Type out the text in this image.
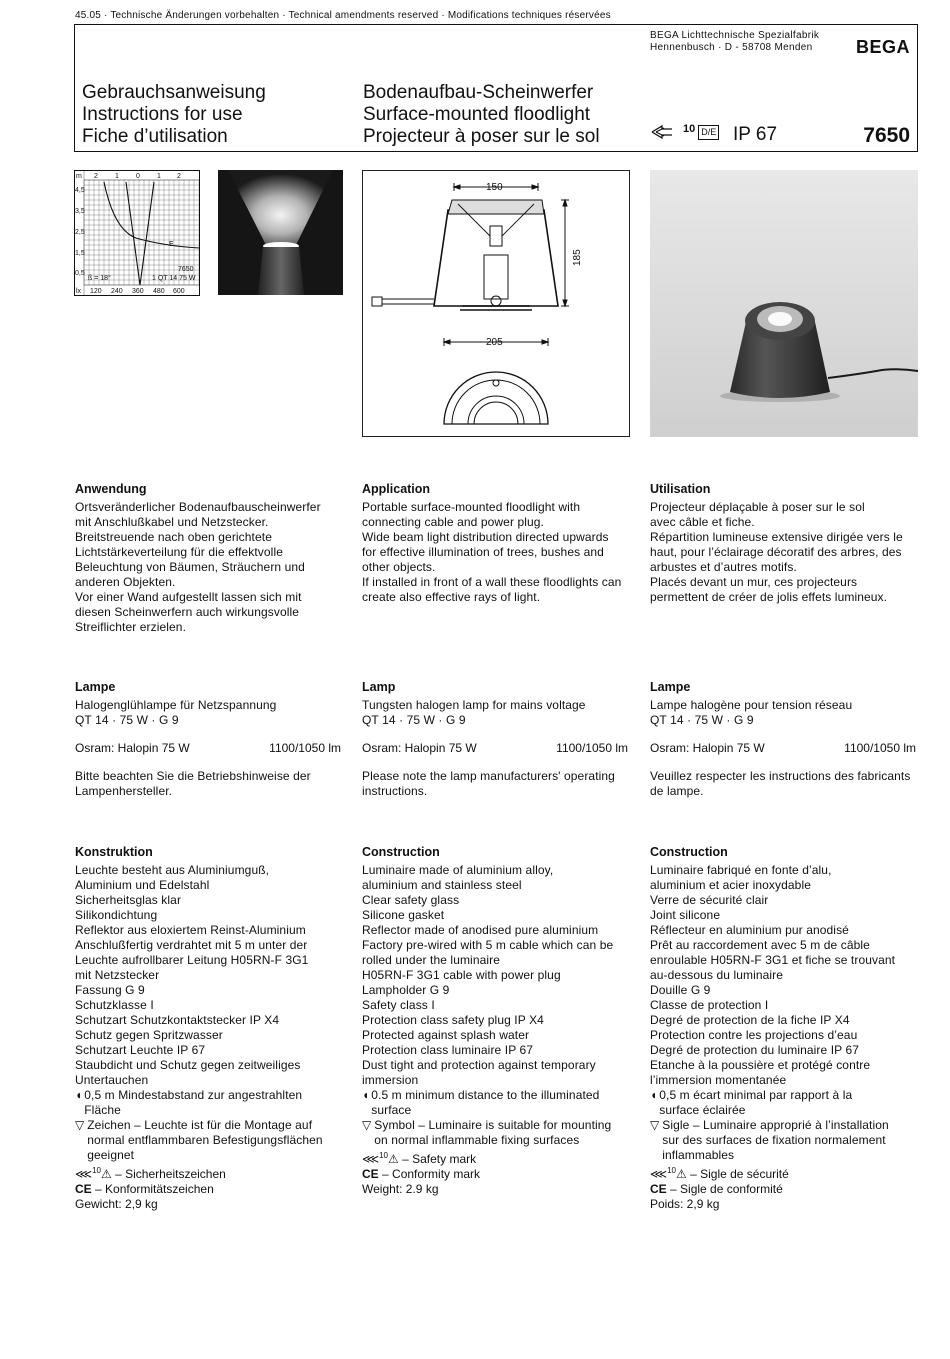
45.05 · Technische Änderungen vorbehalten · Technical amendments reserved · Modifications techniques réservées
BEGA Lichttechnische Spezialfabrik
Hennenbusch · D - 58708 Menden	BEGA
Gebrauchsanweisung
Instructions for use
Fiche d’utilisation
Bodenaufbau-Scheinwerfer
Surface-mounted floodlight
Projecteur à poser sur le sol	10 D/E IP 67	7650
m
lx
2 1 0 1 2
4,5
3,5
2,5
1,5
0,5
120 240 360 480 600
E
7650
ß = 18°	1 QT 14 75 W
150
185
205
Anwendung
Ortsveränderlicher Bodenaufbauscheinwerfer
mit Anschlußkabel und Netzstecker.
Breitstreuende nach oben gerichtete
Lichtstärkeverteilung für die effektvolle
Beleuchtung von Bäumen, Sträuchern und
anderen Objekten.
Vor einer Wand aufgestellt lassen sich mit
diesen Scheinwerfern auch wirkungsvolle
Streiflichter erzielen.
Application
Portable surface-mounted floodlight with
connecting cable and power plug.
Wide beam light distribution directed upwards
for effective illumination of trees, bushes and
other objects.
If installed in front of a wall these floodlights can
create also effective rays of light.
Utilisation
Projecteur déplaçable à poser sur le sol
avec câble et fiche.
Répartition lumineuse extensive dirigée vers le
haut, pour l’éclairage décoratif des arbres, des
arbustes et d’autres motifs.
Placés devant un mur, ces projecteurs
permettent de créer de jolis effets lumineux.
Lampe
Halogenglühlampe für Netzspannung
QT 14 · 75 W · G 9
Osram: Halopin 75 W	1100/1050 lm
Bitte beachten Sie die Betriebshinweise der
Lampenhersteller.
Lamp
Tungsten halogen lamp for mains voltage
QT 14 · 75 W · G 9
Osram: Halopin 75 W	1100/1050 lm
Please note the lamp manufacturers' operating
instructions.
Lampe
Lampe halogène pour tension réseau
QT 14 · 75 W · G 9
Osram: Halopin 75 W	1100/1050 lm
Veuillez respecter les instructions des fabricants
de lampe.
Konstruktion
Leuchte besteht aus Aluminiumguß,
Aluminium und Edelstahl
Sicherheitsglas klar
Silikondichtung
Reflektor aus eloxiertem Reinst-Aluminium
Anschlußfertig verdrahtet mit 5 m unter der
Leuchte aufrollbarer Leitung H05RN-F 3G1
mit Netzstecker
Fassung G 9
Schutzklasse I
Schutzart Schutzkontaktstecker IP X4
Schutz gegen Spritzwasser
Schutzart Leuchte IP 67
Staubdicht und Schutz gegen zeitweiliges
Untertauchen
◖ 0,5 m Mindestabstand zur angestrahlten
Fläche
▽ Zeichen – Leuchte ist für die Montage auf
normal entflammbaren Befestigungsflächen
geeignet
⋘$^{10}$⚠ – Sicherheitszeichen
CE – Konformitätszeichen
Gewicht: 2,9 kg
Construction
Luminaire made of aluminium alloy,
aluminium and stainless steel
Clear safety glass
Silicone gasket
Reflector made of anodised pure aluminium
Factory pre-wired with 5 m cable which can be
rolled under the luminaire
H05RN-F 3G1 cable with power plug
Lampholder G 9
Safety class I
Protection class safety plug IP X4
Protected against splash water
Protection class luminaire IP 67
Dust tight and protection against temporary
immersion
◖ 0.5 m minimum distance to the illuminated
surface
▽ Symbol – Luminaire is suitable for mounting
on normal inflammable fixing surfaces
⋘$^{10}$⚠ – Safety mark
CE – Conformity mark
Weight: 2.9 kg
Construction
Luminaire fabriqué en fonte d’alu,
aluminium et acier inoxydable
Verre de sécurité clair
Joint silicone
Réflecteur en aluminium pur anodisé
Prêt au raccordement avec 5 m de câble
enroulable H05RN-F 3G1 et fiche se trouvant
au-dessous du luminaire
Douille G 9
Classe de protection I
Degré de protection de la fiche IP X4
Protection contre les projections d’eau
Degré de protection du luminaire IP 67
Etanche à la poussière et protégé contre
l’immersion momentanée
◖ 0,5 m écart minimal par rapport à la
surface éclairée
▽ Sigle – Luminaire approprié à l’installation
sur des surfaces de fixation normalement
inflammables
⋘$^{10}$⚠ – Sigle de sécurité
CE – Sigle de conformité
Poids: 2,9 kg
